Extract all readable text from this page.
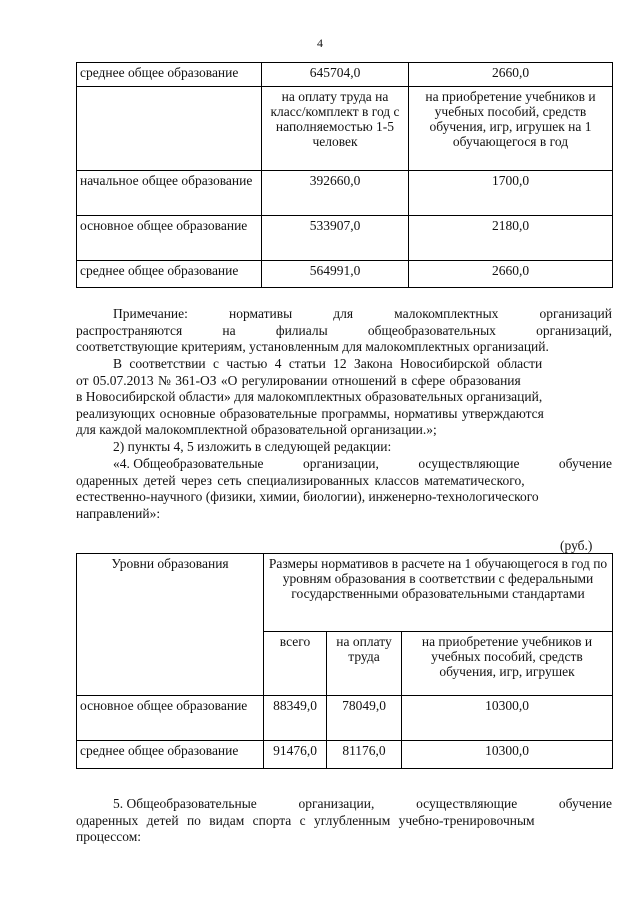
4
среднее общее образование	645704,0	2660,0
	на оплату труда на класс/комплект в год с наполняемостью 1-5 человек	на приобретение учебников и учебных пособий, средств обучения, игр, игрушек на 1 обучающегося в год
начальное общее образование	392660,0	1700,0
основное общее образование	533907,0	2180,0
среднее общее образование	564991,0	2660,0
Примечание:	нормативы	для	малокомплектных	организаций
распространяются	на	филиалы	общеобразовательных	организаций,
соответствующие критериям, установленным для малокомплектных организаций.
В соответствии с частью 4 статьи 12 Закона Новосибирской области
от 05.07.2013 № 361-ОЗ «О регулировании отношений в сфере образования
в Новосибирской области» для малокомплектных образовательных организаций,
реализующих основные образовательные программы, нормативы утверждаются
для каждой малокомплектной образовательной организации.»;
2) пункты 4, 5 изложить в следующей редакции:
«4. Общеобразовательные	организации,	осуществляющие	обучение
одаренных детей через сеть специализированных классов математического,
естественно-научного (физики, химии, биологии), инженерно-технологического
направлений»:
(руб.)
Уровни образования	Размеры нормативов в расчете на 1 обучающегося в год по уровням образования в соответствии с федеральными государственными образовательными стандартами		
	всего	на оплату труда	на приобретение учебников и учебных пособий, средств обучения, игр, игрушек
основное общее образование	88349,0	78049,0	10300,0
среднее общее образование	91476,0	81176,0	10300,0
5. Общеобразовательные	организации,	осуществляющие	обучение
одаренных детей по видам спорта с углубленным учебно-тренировочным
процессом:
